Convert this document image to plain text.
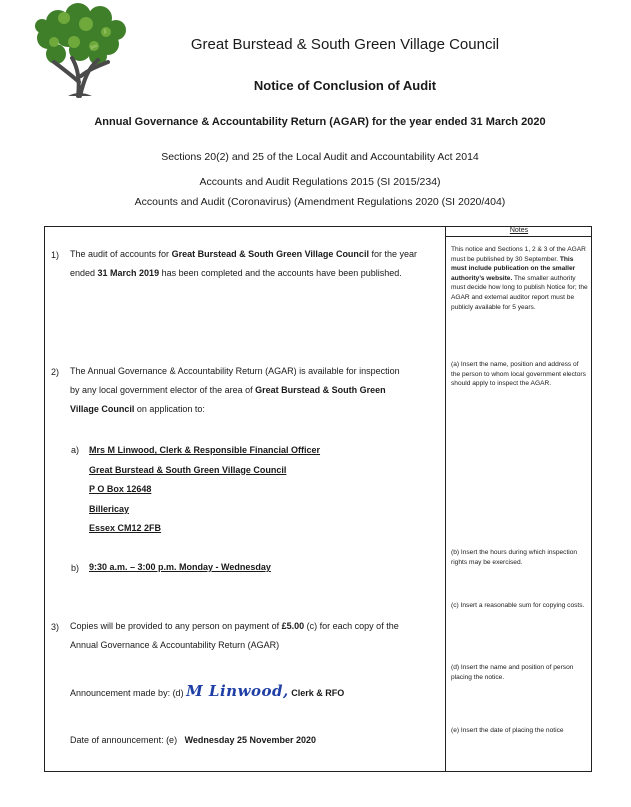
Great Burstead & South Green Village Council
Notice of Conclusion of Audit
Annual Governance & Accountability Return (AGAR) for the year ended 31 March 2020
Sections 20(2) and 25 of the Local Audit and Accountability Act 2014
Accounts and Audit Regulations 2015 (SI 2015/234)
Accounts and Audit (Coronavirus) (Amendment Regulations 2020 (SI 2020/404)
Notes
1) The audit of accounts for Great Burstead & South Green Village Council for the year
ended 31 March 2019 has been completed and the accounts have been published.
2) The Annual Governance & Accountability Return (AGAR) is available for inspection
by any local government elector of the area of Great Burstead & South Green
Village Council on application to:
a) Mrs M Linwood, Clerk & Responsible Financial Officer
Great Burstead & South Green Village Council
P O Box 12648
Billericay
Essex CM12 2FB
b) 9:30 a.m. – 3:00 p.m. Monday - Wednesday
3) Copies will be provided to any person on payment of £5.00 (c) for each copy of the
Annual Governance & Accountability Return (AGAR)
Announcement made by: (d) M Linwood, Clerk & RFO
Date of announcement: (e) Wednesday 25 November 2020
This notice and Sections 1, 2 & 3 of the AGAR must be published by 30 September. This must include publication on the smaller authority’s website. The smaller authority must decide how long to publish Notice for; the AGAR and external auditor report must be publicly available for 5 years.
(a) Insert the name, position and address of the person to whom local government electors should apply to inspect the AGAR.
(b) Insert the hours during which inspection rights may be exercised.
(c) Insert a reasonable sum for copying costs.
(d) Insert the name and position of person placing the notice.
(e) Insert the date of placing the notice
